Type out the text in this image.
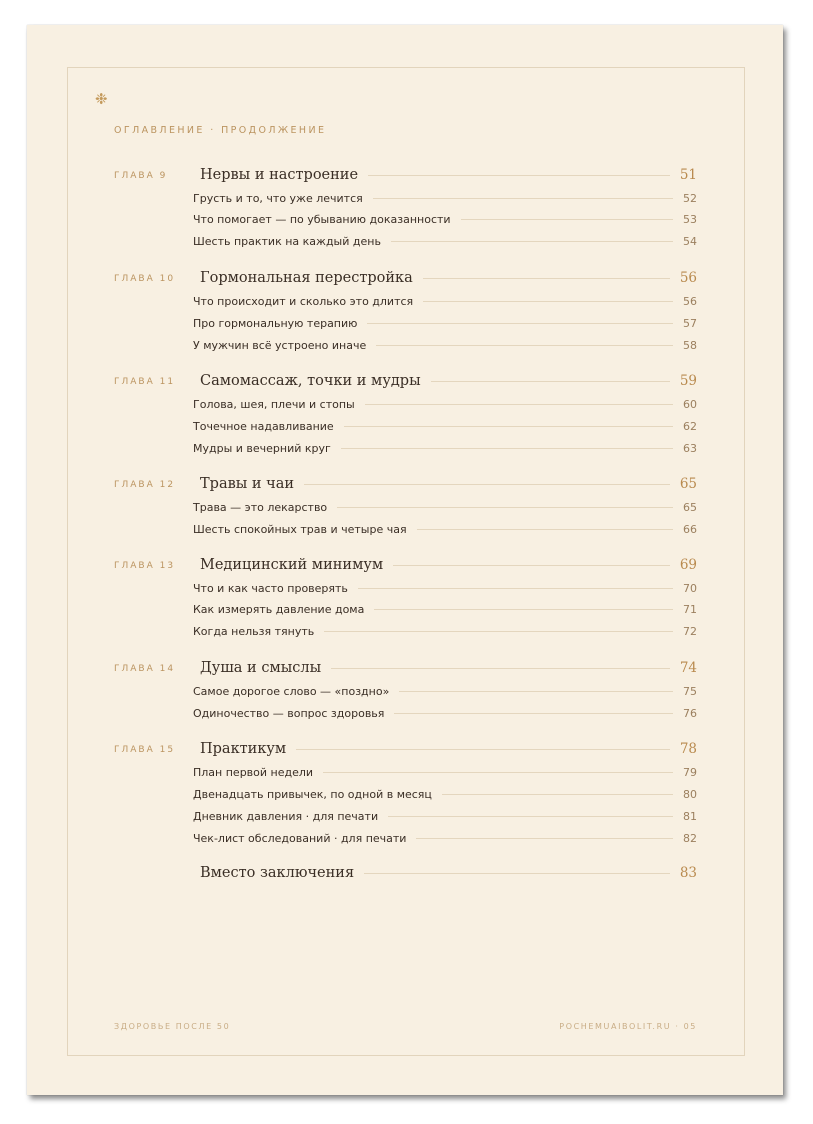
❉
ОГЛАВЛЕНИЕ · ПРОДОЛЖЕНИЕ
ГЛАВА 9 Нервы и настроение	51
Грусть и то, что уже лечится	52
Что помогает — по убыванию доказанности	53
Шесть практик на каждый день	54
ГЛАВА 10 Гормональная перестройка	56
Что происходит и сколько это длится	56
Про гормональную терапию	57
У мужчин всё устроено иначе	58
ГЛАВА 11 Самомассаж, точки и мудры	59
Голова, шея, плечи и стопы	60
Точечное надавливание	62
Мудры и вечерний круг	63
ГЛАВА 12 Травы и чаи	65
Трава — это лекарство	65
Шесть спокойных трав и четыре чая	66
ГЛАВА 13 Медицинский минимум	69
Что и как часто проверять	70
Как измерять давление дома	71
Когда нельзя тянуть	72
ГЛАВА 14 Душа и смыслы	74
Самое дорогое слово — «поздно»	75
Одиночество — вопрос здоровья	76
ГЛАВА 15 Практикум	78
План первой недели	79
Двенадцать привычек, по одной в месяц	80
Дневник давления · для печати	81
Чек-лист обследований · для печати	82
Вместо заключения	83
ЗДОРОВЬЕ ПОСЛЕ 50	POCHEMUAIBOLIT.RU · 05
